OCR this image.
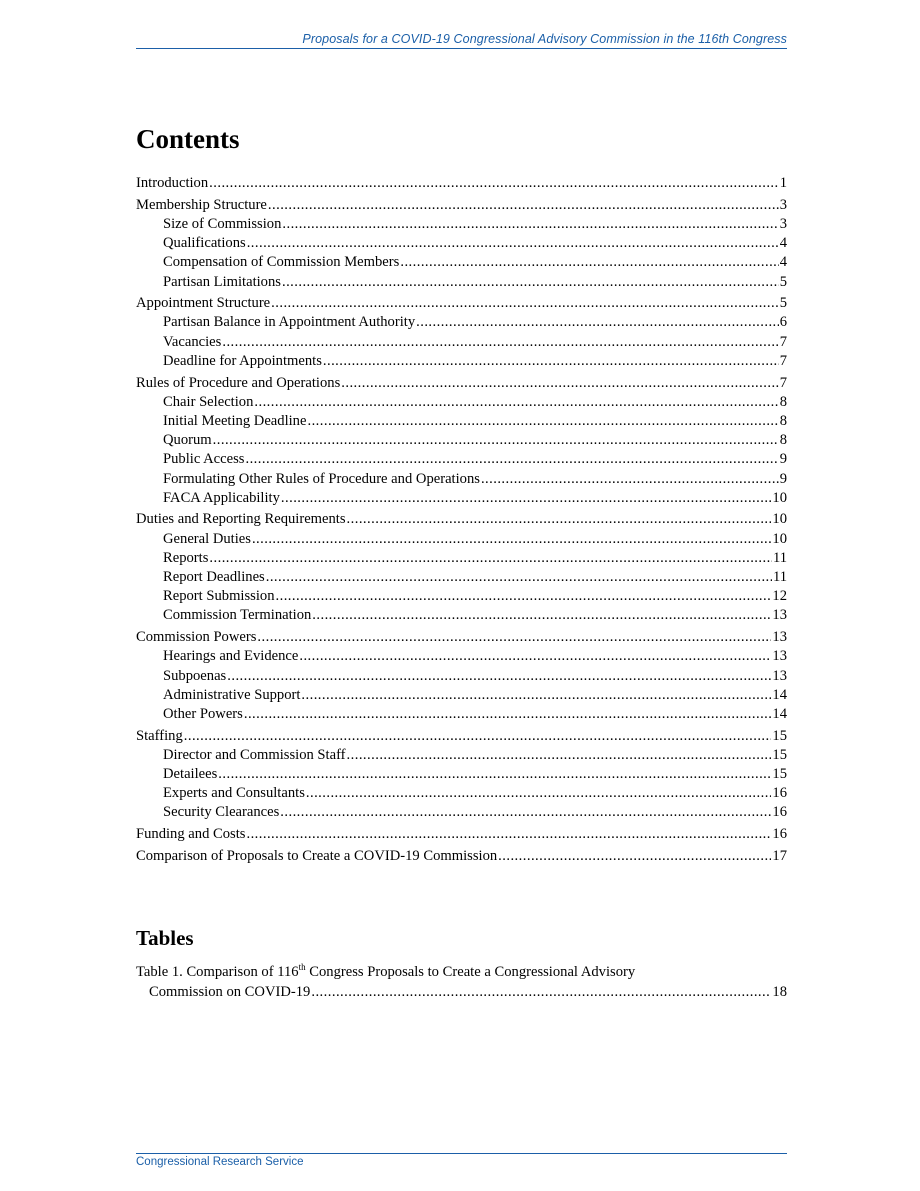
Proposals for a COVID-19 Congressional Advisory Commission in the 116th Congress
Contents
Introduction . . .	1
Membership Structure . . .	3
Size of Commission . . .	3
Qualifications . . .	4
Compensation of Commission Members . . .	4
Partisan Limitations . . .	5
Appointment Structure . . .	5
Partisan Balance in Appointment Authority . . .	6
Vacancies . . .	7
Deadline for Appointments . . .	7
Rules of Procedure and Operations . . .	7
Chair Selection . . .	8
Initial Meeting Deadline . . .	8
Quorum . . .	8
Public Access . . .	9
Formulating Other Rules of Procedure and Operations . . .	9
FACA Applicability . . .	10
Duties and Reporting Requirements . . .	10
General Duties . . .	10
Reports . . .	11
Report Deadlines . . .	11
Report Submission . . .	12
Commission Termination . . .	13
Commission Powers . . .	13
Hearings and Evidence . . .	13
Subpoenas . . .	13
Administrative Support . . .	14
Other Powers . . .	14
Staffing . . .	15
Director and Commission Staff . . .	15
Detailees . . .	15
Experts and Consultants . . .	16
Security Clearances . . .	16
Funding and Costs . . .	16
Comparison of Proposals to Create a COVID-19 Commission . . .	17
Tables
Table 1. Comparison of 116th Congress Proposals to Create a Congressional Advisory
Commission on COVID-19 . . .	18
Congressional Research Service
